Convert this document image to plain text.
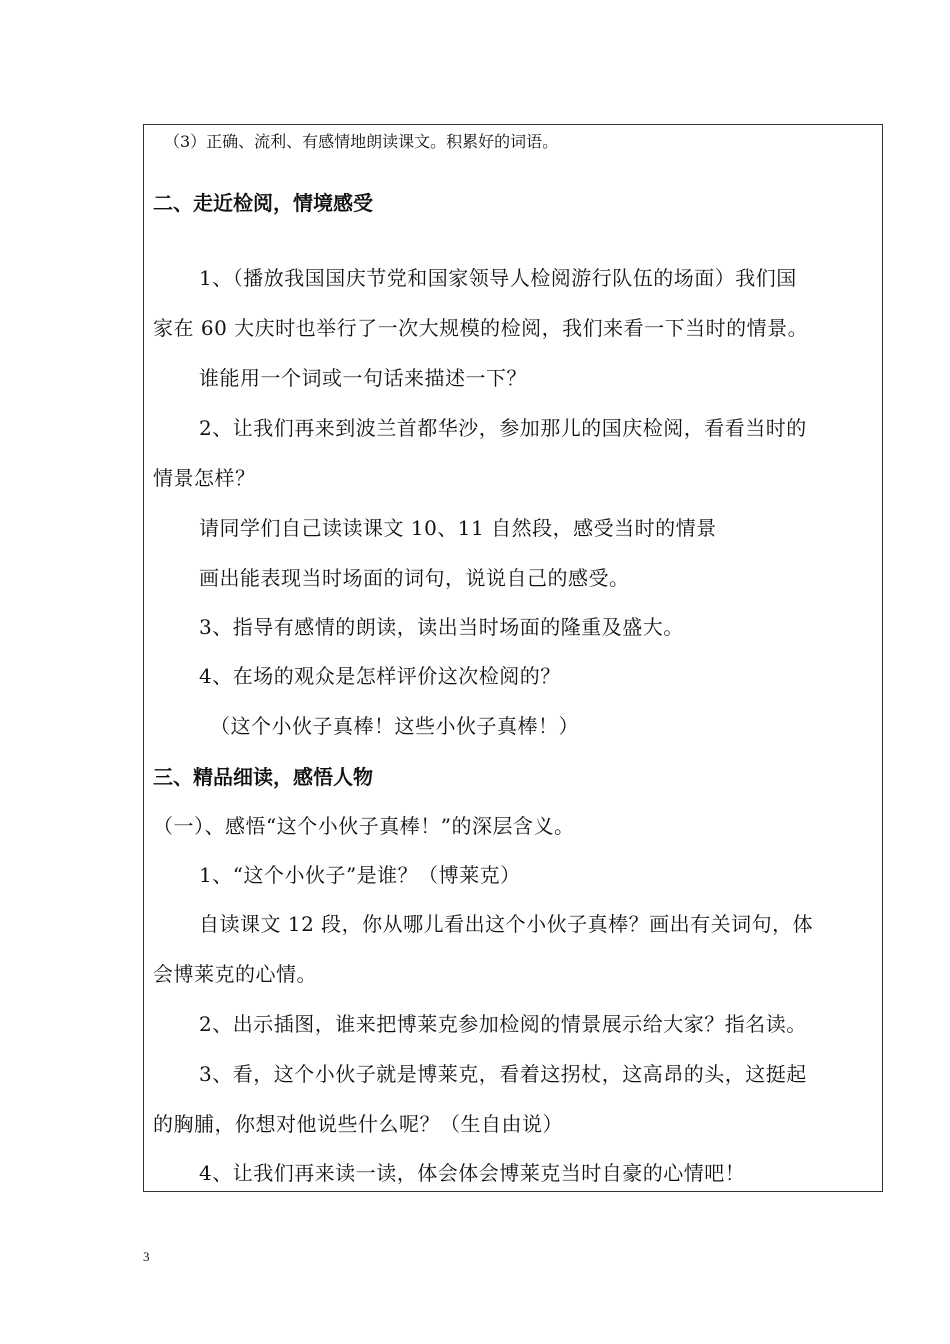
（3）正确、流利、有感情地朗读课文。积累好的词语。
二、走近检阅，情境感受
1、（播放我国国庆节党和国家领导人检阅游行队伍的场面）我们国
家在 60 大庆时也举行了一次大规模的检阅，我们来看一下当时的情景。
谁能用一个词或一句话来描述一下？
2、让我们再来到波兰首都华沙，参加那儿的国庆检阅，看看当时的
情景怎样？
请同学们自己读读课文 10、11 自然段，感受当时的情景
画出能表现当时场面的词句，说说自己的感受。
3、指导有感情的朗读，读出当时场面的隆重及盛大。
4、在场的观众是怎样评价这次检阅的？
（这个小伙子真棒！这些小伙子真棒！）
三、精品细读，感悟人物
（一）、感悟“这个小伙子真棒！”的深层含义。
1、“这个小伙子”是谁？（博莱克）
自读课文 12 段，你从哪儿看出这个小伙子真棒？画出有关词句，体
会博莱克的心情。
2、出示插图，谁来把博莱克参加检阅的情景展示给大家？指名读。
3、看，这个小伙子就是博莱克，看着这拐杖，这高昂的头，这挺起
的胸脯，你想对他说些什么呢？（生自由说）
4、让我们再来读一读，体会体会博莱克当时自豪的心情吧！
3
